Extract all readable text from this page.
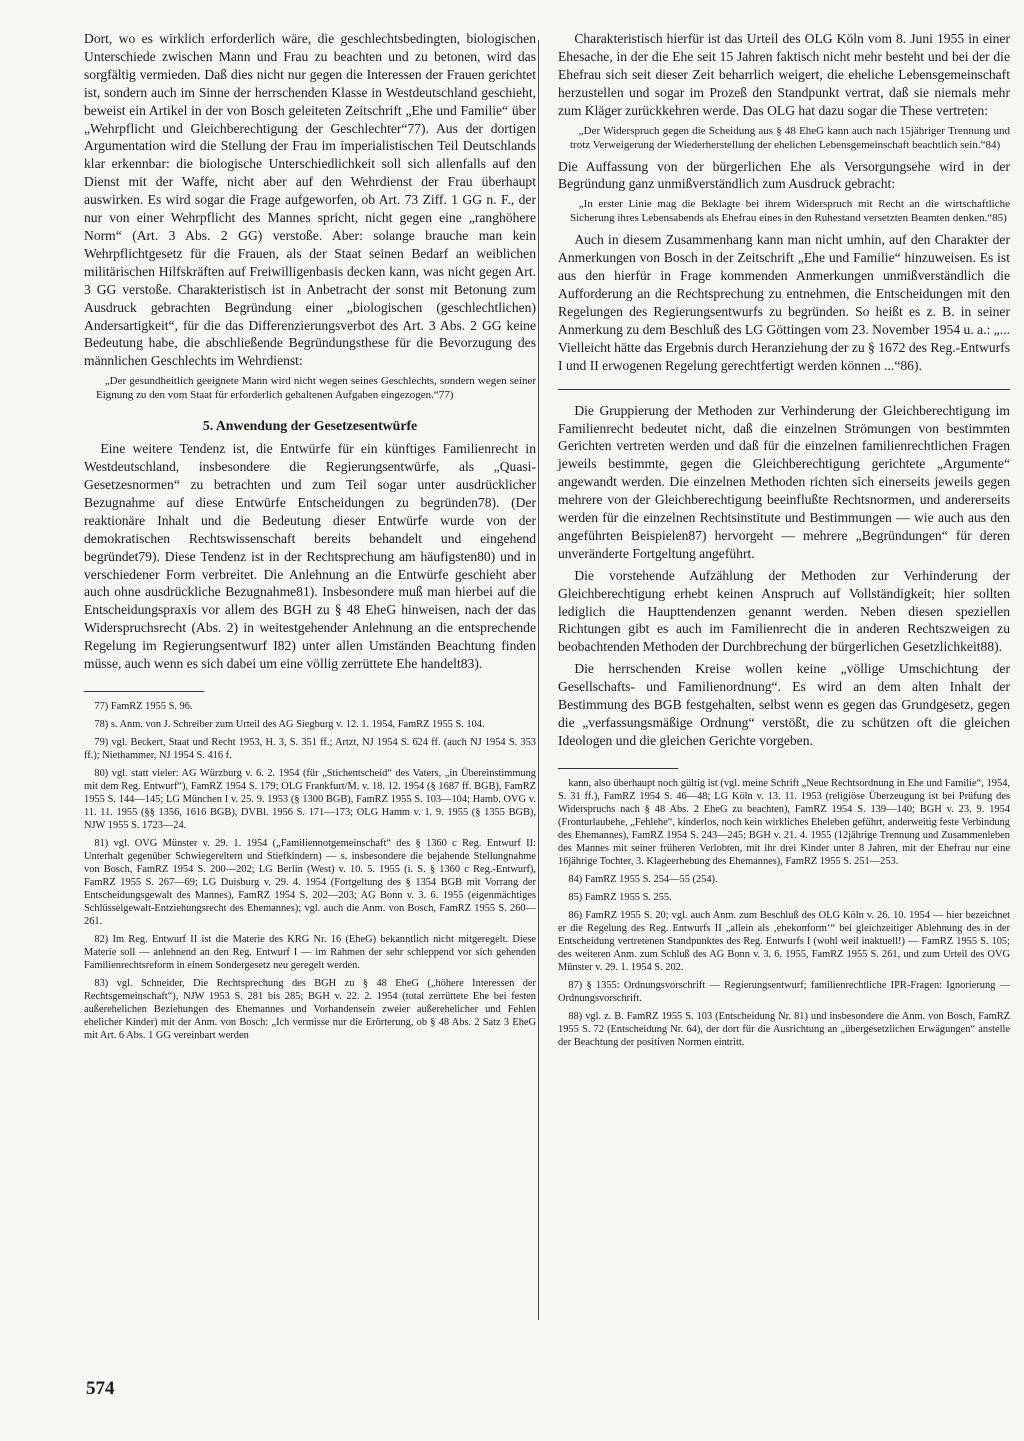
Dort, wo es wirklich erforderlich wäre, die geschlechtsbedingten, biologischen Unterschiede zwischen Mann und Frau zu beachten und zu betonen, wird das sorgfältig vermieden. Daß dies nicht nur gegen die Interessen der Frauen gerichtet ist, sondern auch im Sinne der herrschenden Klasse in Westdeutschland geschieht, beweist ein Artikel in der von Bosch geleiteten Zeitschrift „Ehe und Familie“ über „Wehrpflicht und Gleichberechtigung der Geschlechter“77). Aus der dortigen Argumentation wird die Stellung der Frau im imperialistischen Teil Deutschlands klar erkennbar: die biologische Unterschiedlichkeit soll sich allenfalls auf den Dienst mit der Waffe, nicht aber auf den Wehrdienst der Frau überhaupt auswirken. Es wird sogar die Frage aufgeworfen, ob Art. 73 Ziff. 1 GG n. F., der nur von einer Wehrpflicht des Mannes spricht, nicht gegen eine „ranghöhere Norm“ (Art. 3 Abs. 2 GG) verstoße. Aber: solange brauche man kein Wehrpflichtgesetz für die Frauen, als der Staat seinen Bedarf an weiblichen militärischen Hilfskräften auf Freiwilligenbasis decken kann, was nicht gegen Art. 3 GG verstoße. Charakteristisch ist in Anbetracht der sonst mit Betonung zum Ausdruck gebrachten Begründung einer „biologischen (geschlechtlichen) Andersartigkeit“, für die das Differenzierungsverbot des Art. 3 Abs. 2 GG keine Bedeutung habe, die abschließende Begründungsthese für die Bevorzugung des männlichen Geschlechts im Wehrdienst:

„Der gesundheitlich geeignete Mann wird nicht wegen seines Geschlechts, sondern wegen seiner Eignung zu den vom Staat für erforderlich gehaltenen Aufgaben eingezogen.“77)
5. Anwendung der Gesetzesentwürfe

Eine weitere Tendenz ist, die Entwürfe für ein künftiges Familienrecht in Westdeutschland, insbesondere die Regierungsentwürfe, als „Quasi-Gesetzesnormen“ zu betrachten und zum Teil sogar unter ausdrücklicher Bezugnahme auf diese Entwürfe Entscheidungen zu begründen78). (Der reaktionäre Inhalt und die Bedeutung dieser Entwürfe wurde von der demokratischen Rechtswissenschaft bereits behandelt und eingehend begründet79). Diese Tendenz ist in der Rechtsprechung am häufigsten80) und in verschiedener Form verbreitet. Die Anlehnung an die Entwürfe geschieht aber auch ohne ausdrückliche Bezugnahme81). Insbesondere muß man hierbei auf die Entscheidungspraxis vor allem des BGH zu § 48 EheG hinweisen, nach der das Widerspruchsrecht (Abs. 2) in weitestgehender Anlehnung an die entsprechende Regelung im Regierungsentwurf I82) unter allen Umständen Beachtung finden müsse, auch wenn es sich dabei um eine völlig zerrüttete Ehe handelt83).

77) FamRZ 1955 S. 96.
78) s. Anm. von J. Schreiber zum Urteil des AG Siegburg v. 12. 1. 1954, FamRZ 1955 S. 104.
79) vgl. Beckert, Staat und Recht 1953, H. 3, S. 351 ff.; Artzt, NJ 1954 S. 624 ff. (auch NJ 1954 S. 353 ff.); Niethammer, NJ 1954 S. 416 f.
80) vgl. statt vieler: AG Würzburg v. 6. 2. 1954 (für „Stichentscheid“ des Vaters, „in Übereinstimmung mit dem Reg. Entwurf“), FamRZ 1954 S. 179; OLG Frankfurt/M. v. 18. 12. 1954 (§ 1687 ff. BGB), FamRZ 1955 S. 144—145; LG München I v. 25. 9. 1953 (§ 1300 BGB), FamRZ 1955 S. 103—104; Hamb. OVG v. 11. 11. 1955 (§§ 1356, 1616 BGB), DVBl. 1956 S. 171—173; OLG Hamm v. 1. 9. 1955 (§ 1355 BGB), NJW 1955 S. 1723—24.
81) vgl. OVG Münster v. 29. 1. 1954 („Familiennotgemeinschaft“ des § 1360 c Reg. Entwurf II: Unterhalt gegenüber Schwiegereltern und Stiefkindern) — s. insbesondere die bejahende Stellungnahme von Bosch, FamRZ 1954 S. 200—202; LG Berlin (West) v. 10. 5. 1955 (i. S. § 1360 c Reg.-Entwurf), FamRZ 1955 S. 267—69; LG Duisburg v. 29. 4. 1954 (Fortgeltung des § 1354 BGB mit Vorrang der Entscheidungsgewalt des Mannes), FamRZ 1954 S. 202—203; AG Bonn v. 3. 6. 1955 (eigenmächtiges Schlüsselgewalt-Entziehungsrecht des Ehemannes); vgl. auch die Anm. von Bosch, FamRZ 1955 S. 260—261.
82) Im Reg. Entwurf II ist die Materie des KRG Nr. 16 (EheG) bekanntlich nicht mitgeregelt. Diese Materie soll — anlehnend an den Reg. Entwurf I — im Rahmen der sehr schleppend vor sich gehenden Familienrechtsreform in einem Sondergesetz neu geregelt werden.
83) vgl. Schneider, Die Rechtsprechung des BGH zu § 48 EheG („höhere Interessen der Rechtsgemeinschaft“), NJW 1953 S. 281 bis 285; BGH v. 22. 2. 1954 (total zerrüttete Ehe bei festen außerehelichen Beziehungen des Ehemannes und Vorhandensein zweier außerehelicher und Fehlen ehelicher Kinder) mit der Anm. von Bosch: „Ich vermisse nur die Erörterung, ob § 48 Abs. 2 Satz 3 EheG mit Art. 6 Abs. 1 GG vereinbart werden

Charakteristisch hierfür ist das Urteil des OLG Köln vom 8. Juni 1955 in einer Ehesache, in der die Ehe seit 15 Jahren faktisch nicht mehr besteht und bei der die Ehefrau sich seit dieser Zeit beharrlich weigert, die eheliche Lebensgemeinschaft herzustellen und sogar im Prozeß den Standpunkt vertrat, daß sie niemals mehr zum Kläger zurückkehren werde. Das OLG hat dazu sogar die These vertreten:

„Der Widerspruch gegen die Scheidung aus § 48 EheG kann auch nach 15jähriger Trennung und trotz Verweigerung der Wiederherstellung der ehelichen Lebensgemeinschaft beachtlich sein.“84)

Die Auffassung von der bürgerlichen Ehe als Versorgungsehe wird in der Begründung ganz unmißverständlich zum Ausdruck gebracht:

„In erster Linie mag die Beklagte bei ihrem Widerspruch mit Recht an die wirtschaftliche Sicherung ihres Lebensabends als Ehefrau eines in den Ruhestand versetzten Beamten denken.“85)

Auch in diesem Zusammenhang kann man nicht umhin, auf den Charakter der Anmerkungen von Bosch in der Zeitschrift „Ehe und Familie“ hinzuweisen. Es ist aus den hierfür in Frage kommenden Anmerkungen unmißverständlich die Aufforderung an die Rechtsprechung zu entnehmen, die Entscheidungen mit den Regelungen des Regierungsentwurfs zu begründen. So heißt es z. B. in seiner Anmerkung zu dem Beschluß des LG Göttingen vom 23. November 1954 u. a.: „... Vielleicht hätte das Ergebnis durch Heranziehung der zu § 1672 des Reg.-Entwurfs I und II erwogenen Regelung gerechtfertigt werden können ...“86).

Die Gruppierung der Methoden zur Verhinderung der Gleichberechtigung im Familienrecht bedeutet nicht, daß die einzelnen Strömungen von bestimmten Gerichten vertreten werden und daß für die einzelnen familienrechtlichen Fragen jeweils bestimmte, gegen die Gleichberechtigung gerichtete „Argumente“ angewandt werden. Die einzelnen Methoden richten sich einerseits jeweils gegen mehrere von der Gleichberechtigung beeinflußte Rechtsnormen, und andererseits werden für die einzelnen Rechtsinstitute und Bestimmungen — wie auch aus den angeführten Beispielen87) hervorgeht — mehrere „Begründungen“ für deren unveränderte Fortgeltung angeführt.

Die vorstehende Aufzählung der Methoden zur Verhinderung der Gleichberechtigung erhebt keinen Anspruch auf Vollständigkeit; hier sollten lediglich die Haupttendenzen genannt werden. Neben diesen speziellen Richtungen gibt es auch im Familienrecht die in anderen Rechtszweigen zu beobachtenden Methoden der Durchbrechung der bürgerlichen Gesetzlichkeit88).

Die herrschenden Kreise wollen keine „völlige Umschichtung der Gesellschafts- und Familienordnung“. Es wird an dem alten Inhalt der Bestimmung des BGB festgehalten, selbst wenn es gegen das Grundgesetz, gegen die „verfassungsmäßige Ordnung“ verstößt, die zu schützen oft die gleichen Ideologen und die gleichen Gerichte vorgeben.

kann, also überhaupt noch gültig ist (vgl. meine Schrift „Neue Rechtsordnung in Ehe und Familie“, 1954, S. 31 ff.), FamRZ 1954 S. 46—48; LG Köln v. 13. 11. 1953 (religiöse Überzeugung ist bei Prüfung des Widerspruchs nach § 48 Abs. 2 EheG zu beachten), FamRZ 1954 S. 139—140; BGH v. 23. 9. 1954 (Fronturlaubehe, „Fehlehe“, kinderlos, noch kein wirkliches Eheleben geführt, anderweitig feste Verbindung des Ehemannes), FamRZ 1954 S. 243—245; BGH v. 21. 4. 1955 (12jährige Trennung und Zusammenleben des Mannes mit seiner früheren Verlobten, mit ihr drei Kinder unter 8 Jahren, mit der Ehefrau nur eine 16jährige Tochter, 3. Klageerhebung des Ehemannes), FamRZ 1955 S. 251—253.
84) FamRZ 1955 S. 254—55 (254).
85) FamRZ 1955 S. 255.
86) FamRZ 1955 S. 20; vgl. auch Anm. zum Beschluß des OLG Köln v. 26. 10. 1954 — hier bezeichnet er die Regelung des Reg. Entwurfs II „allein als ‚ehekonform‘“ bei gleichzeitiger Ablehnung des in der Entscheidung vertretenen Standpunktes des Reg. Entwurfs I (wohl weil inaktuell!) — FamRZ 1955 S. 105; des weiteren Anm. zum Schluß des AG Bonn v. 3. 6. 1955, FamRZ 1955 S. 261, und zum Urteil des OVG Münster v. 29. 1. 1954 S. 202.
87) § 1355: Ordnungsvorschrift — Regierungsentwurf; familienrechtliche IPR-Fragen: Ignorierung — Ordnungsvorschrift.
88) vgl. z. B. FamRZ 1955 S. 103 (Entscheidung Nr. 81) und insbesondere die Anm. von Bosch, FamRZ 1955 S. 72 (Entscheidung Nr. 64), der dort für die Ausrichtung an „übergesetzlichen Erwägungen“ anstelle der Beachtung der positiven Normen eintritt.
574
